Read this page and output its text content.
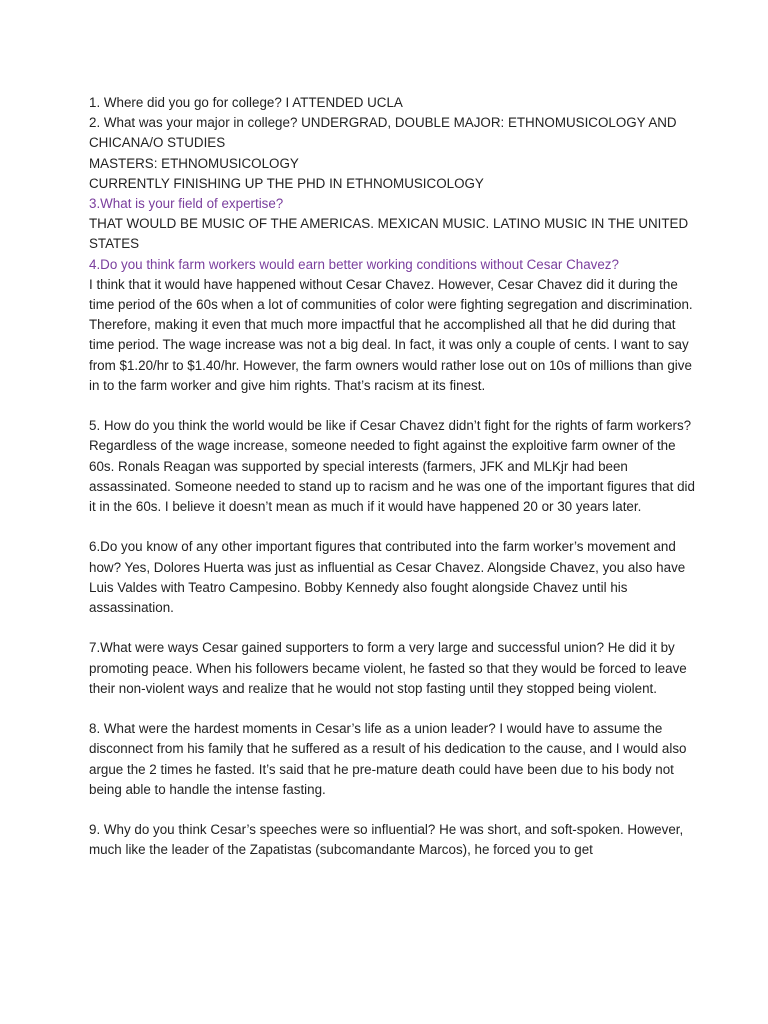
1. Where did you go for college? I ATTENDED UCLA

2. What was your major in college? UNDERGRAD, DOUBLE MAJOR: ETHNOMUSICOLOGY AND CHICANA/O STUDIES

MASTERS: ETHNOMUSICOLOGY

CURRENTLY FINISHING UP THE PHD IN ETHNOMUSICOLOGY

3.What is your field of expertise?

THAT WOULD BE MUSIC OF THE AMERICAS. MEXICAN MUSIC. LATINO MUSIC IN THE UNITED STATES

4.Do you think farm workers would earn better working conditions without Cesar Chavez?

I think that it would have happened without Cesar Chavez. However, Cesar Chavez did it during the time period of the 60s when a lot of communities of color were fighting segregation and discrimination. Therefore, making it even that much more impactful that he accomplished all that he did during that time period. The wage increase was not a big deal. In fact, it was only a couple of cents. I want to say from $1.20/hr to $1.40/hr. However, the farm owners would rather lose out on 10s of millions than give in to the farm worker and give him rights. That’s racism at its finest.

5. How do you think the world would be like if Cesar Chavez didn’t fight for the rights of farm workers? Regardless of the wage increase, someone needed to fight against the exploitive farm owner of the 60s. Ronals Reagan was supported by special interests (farmers, JFK and MLKjr had been assassinated. Someone needed to stand up to racism and he was one of the important figures that did it in the 60s. I believe it doesn’t mean as much if it would have happened 20 or 30 years later.

6.Do you know of any other important figures that contributed into the farm worker’s movement and how? Yes, Dolores Huerta was just as influential as Cesar Chavez. Alongside Chavez, you also have Luis Valdes with Teatro Campesino. Bobby Kennedy also fought alongside Chavez until his assassination.

7.What were ways Cesar gained supporters to form a very large and successful union? He did it by promoting peace. When his followers became violent, he fasted so that they would be forced to leave their non-violent ways and realize that he would not stop fasting until they stopped being violent.

8. What were the hardest moments in Cesar’s life as a union leader? I would have to assume the disconnect from his family that he suffered as a result of his dedication to the cause, and I would also argue the 2 times he fasted. It’s said that he pre-mature death could have been due to his body not being able to handle the intense fasting.

9. Why do you think Cesar’s speeches were so influential? He was short, and soft-spoken. However, much like the leader of the Zapatistas (subcomandante Marcos), he forced you to get
